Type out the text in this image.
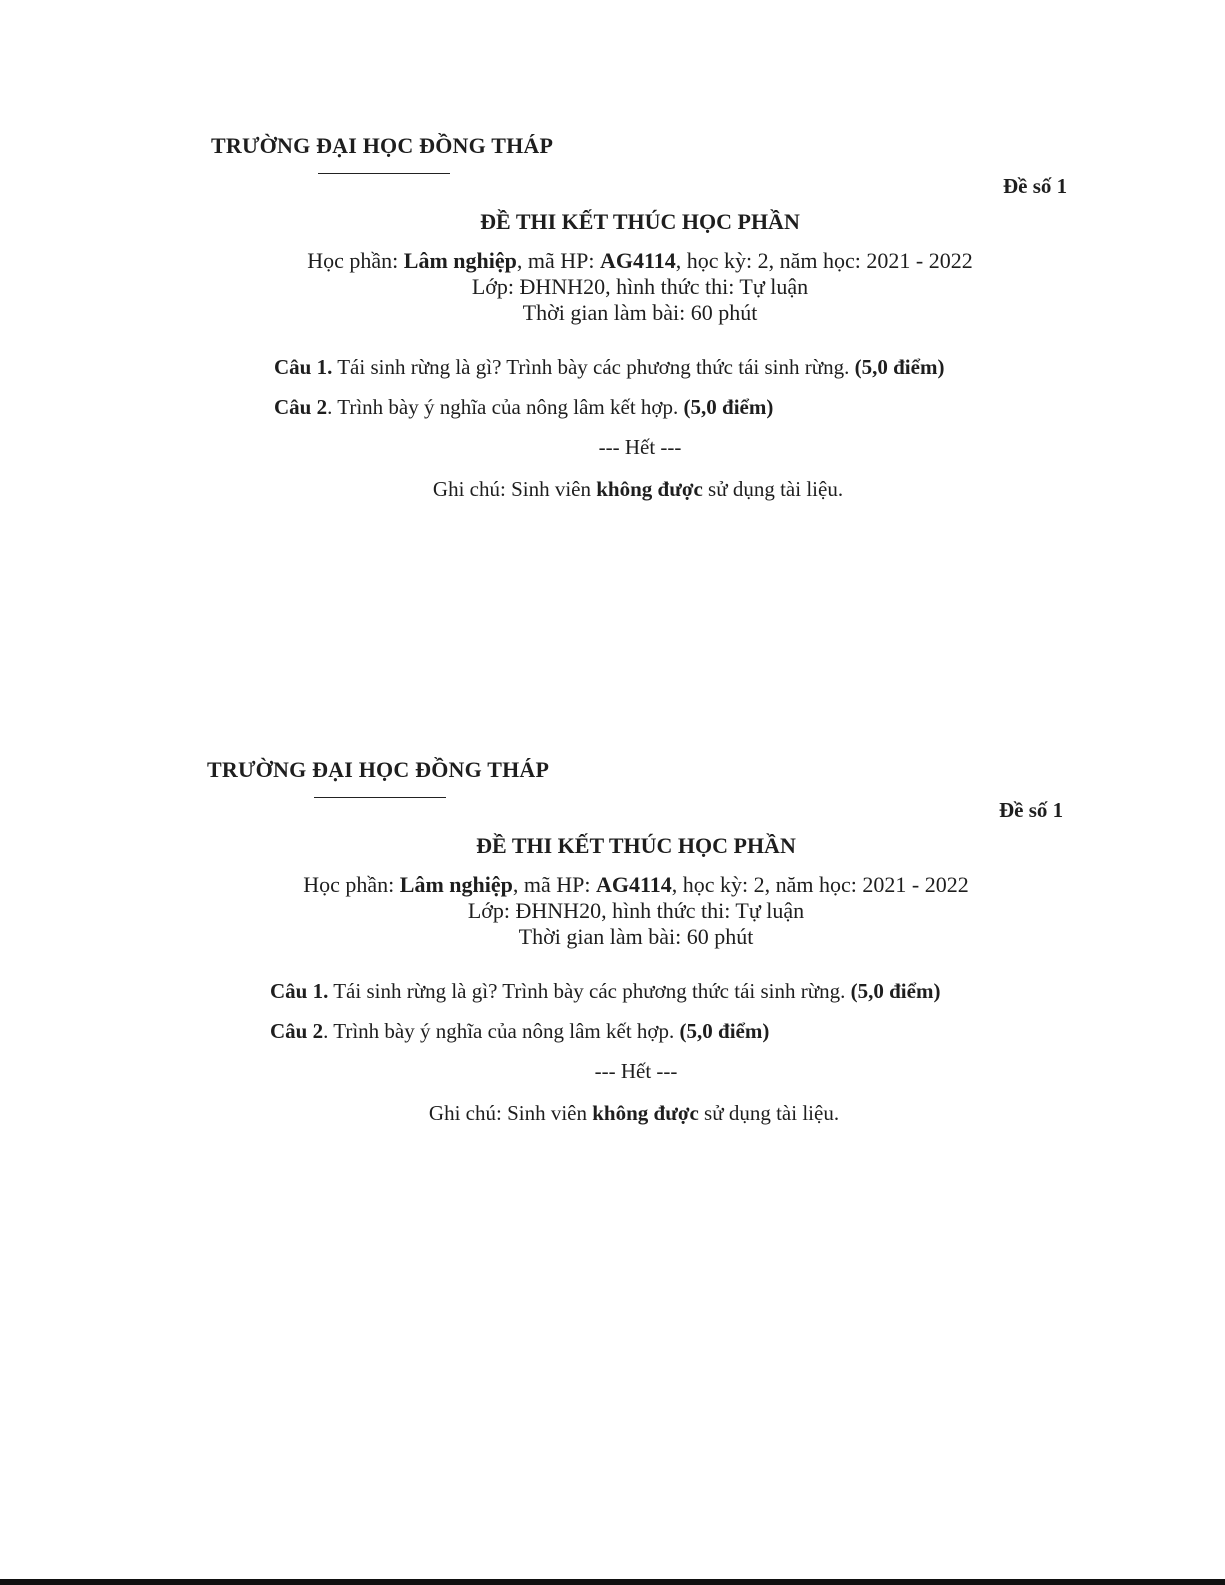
TRƯỜNG ĐẠI HỌC ĐỒNG THÁP
Đề số 1
ĐỀ THI KẾT THÚC HỌC PHẦN
Học phần: Lâm nghiệp, mã HP: AG4114, học kỳ: 2, năm học: 2021 - 2022
Lớp: ĐHNH20, hình thức thi: Tự luận
Thời gian làm bài: 60 phút
Câu 1. Tái sinh rừng là gì? Trình bày các phương thức tái sinh rừng. (5,0 điểm)
Câu 2. Trình bày ý nghĩa của nông lâm kết hợp. (5,0 điểm)
--- Hết ---
Ghi chú: Sinh viên không được sử dụng tài liệu.
TRƯỜNG ĐẠI HỌC ĐỒNG THÁP
Đề số 1
ĐỀ THI KẾT THÚC HỌC PHẦN
Học phần: Lâm nghiệp, mã HP: AG4114, học kỳ: 2, năm học: 2021 - 2022
Lớp: ĐHNH20, hình thức thi: Tự luận
Thời gian làm bài: 60 phút
Câu 1. Tái sinh rừng là gì? Trình bày các phương thức tái sinh rừng. (5,0 điểm)
Câu 2. Trình bày ý nghĩa của nông lâm kết hợp. (5,0 điểm)
--- Hết ---
Ghi chú: Sinh viên không được sử dụng tài liệu.
